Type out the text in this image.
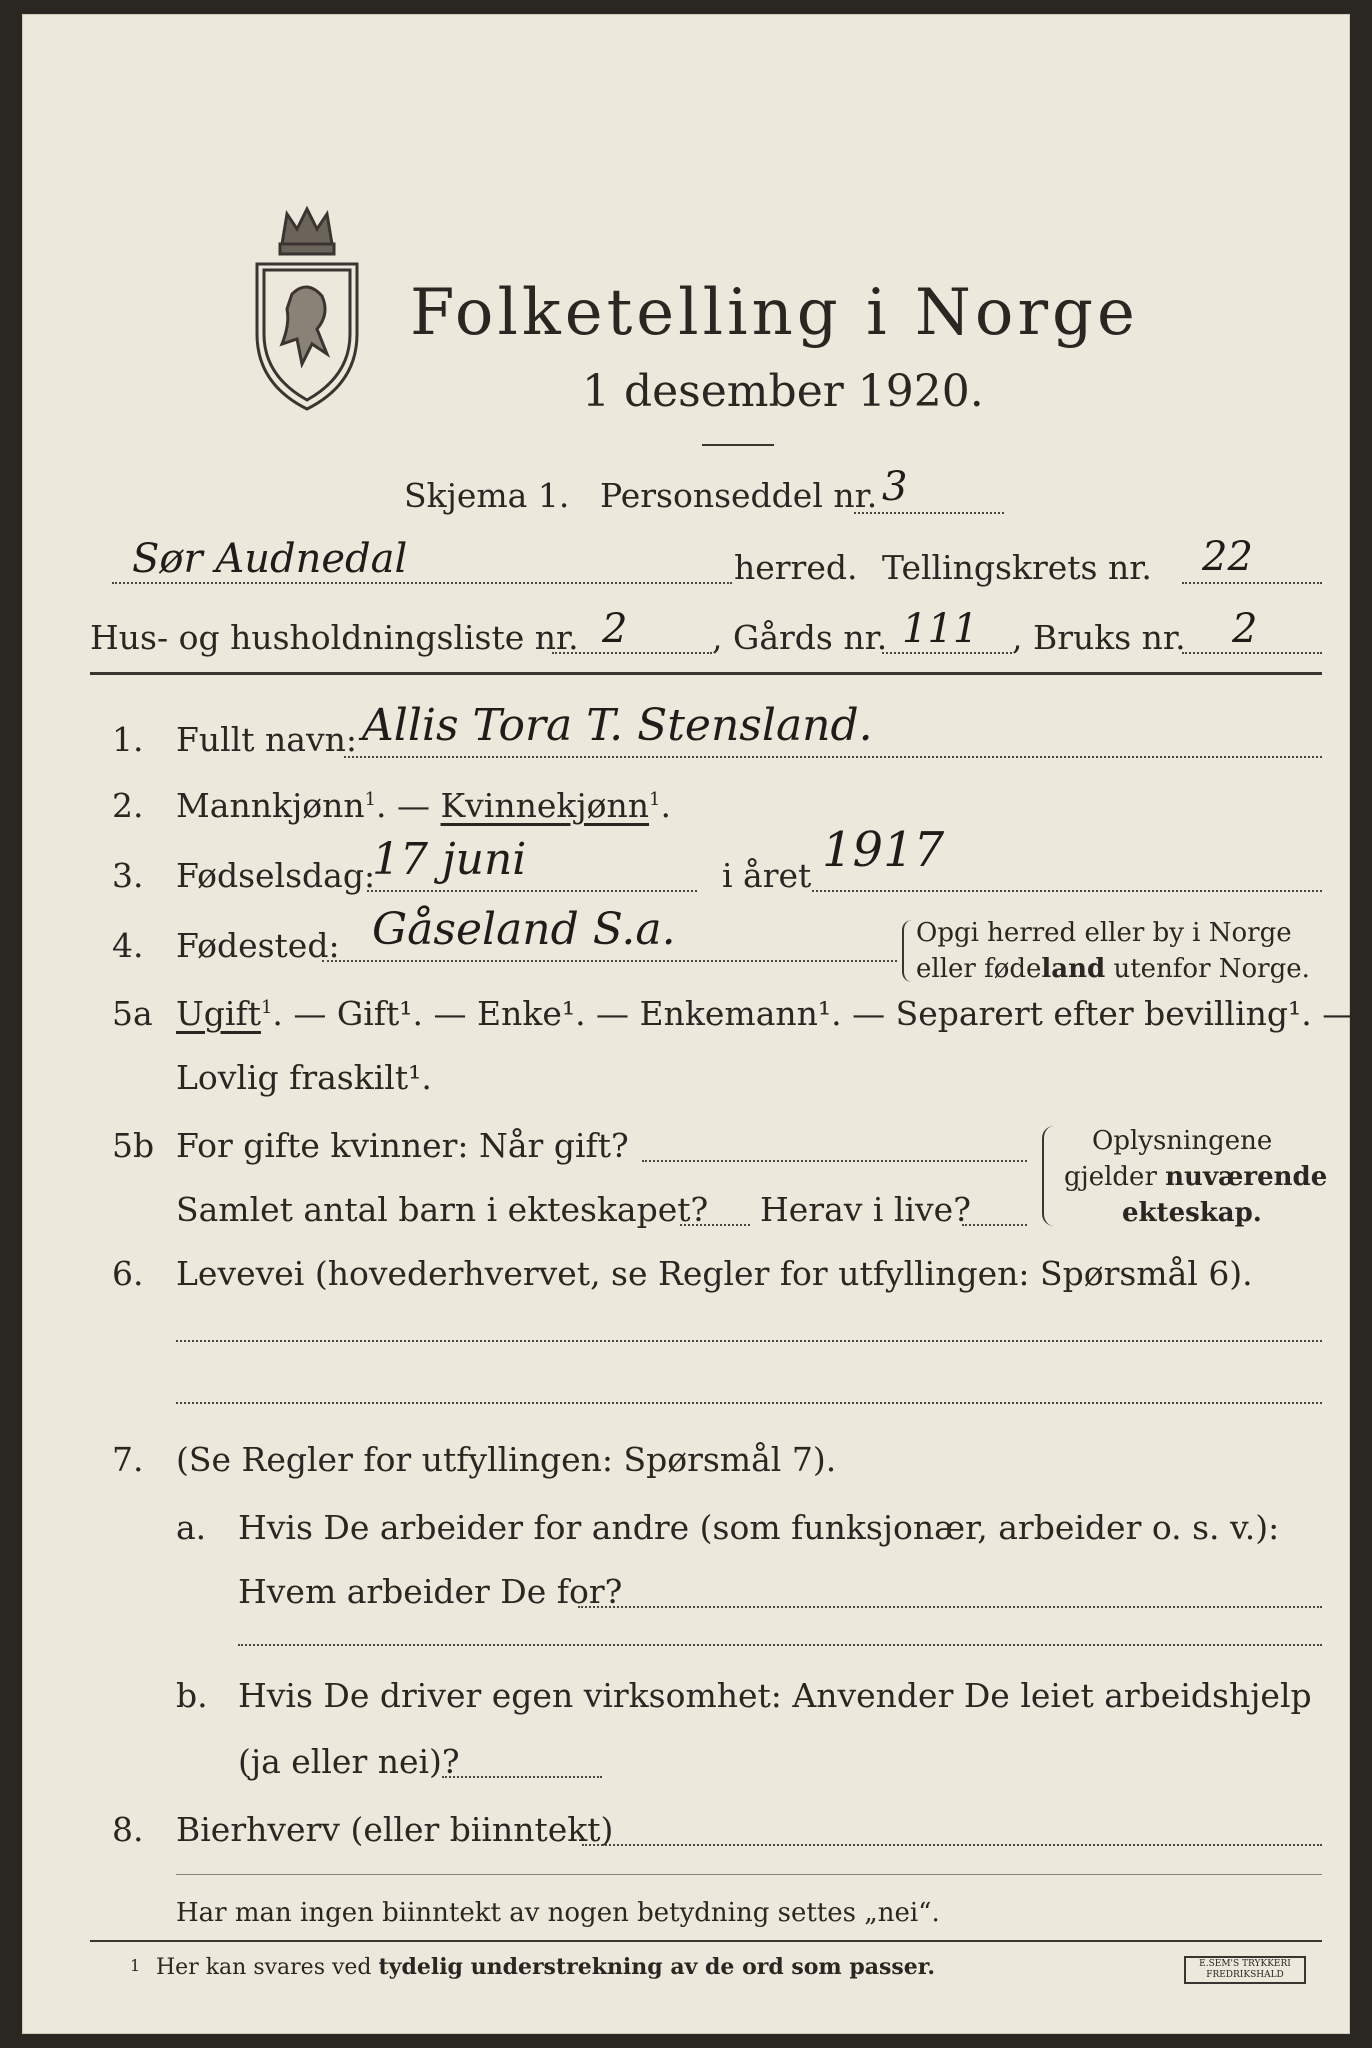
Folketelling i Norge
1 desember 1920.
Skjema 1. Personseddel nr. 3
Sør Audnedal	herred. Tellingskrets nr. 22
Hus- og husholdningsliste nr. 2	, Gårds nr. 111 , Bruks nr. 2
1. Fullt navn: Allis Tora T. Stensland.
2. Mannkjønn$^1$. — Kvinnekjønn$^1$.
3. Fødselsdag:
17 juni	i året 1917
4. Fødested: Gåseland S.a.	Opgi herred eller by i Norge
eller fødeland utenfor Norge.
5a Ugift$^1$. — Gift¹. — Enke¹. — Enkemann¹. — Separert efter bevilling¹. —
Lovlig fraskilt¹.
5b For gifte kvinner: Når gift?
Samlet antal barn i ekteskapet? Herav i live?
Oplysningene
gjelder nuværende
ekteskap.
6. Levevei (hovederhvervet, se Regler for utfyllingen: Spørsmål 6).
7. (Se Regler for utfyllingen: Spørsmål 7).
a. Hvis De arbeider for andre (som funksjonær, arbeider o. s. v.):
Hvem arbeider De for?
b. Hvis De driver egen virksomhet: Anvender De leiet arbeidshjelp
(ja eller nei)?
8. Bierhverv (eller biinntekt)
Har man ingen biinntekt av nogen betydning settes „nei“.
1 Her kan svares ved tydelig understrekning av de ord som passer.	E.SEM'S TRYKKERI FREDRIKSHALD
